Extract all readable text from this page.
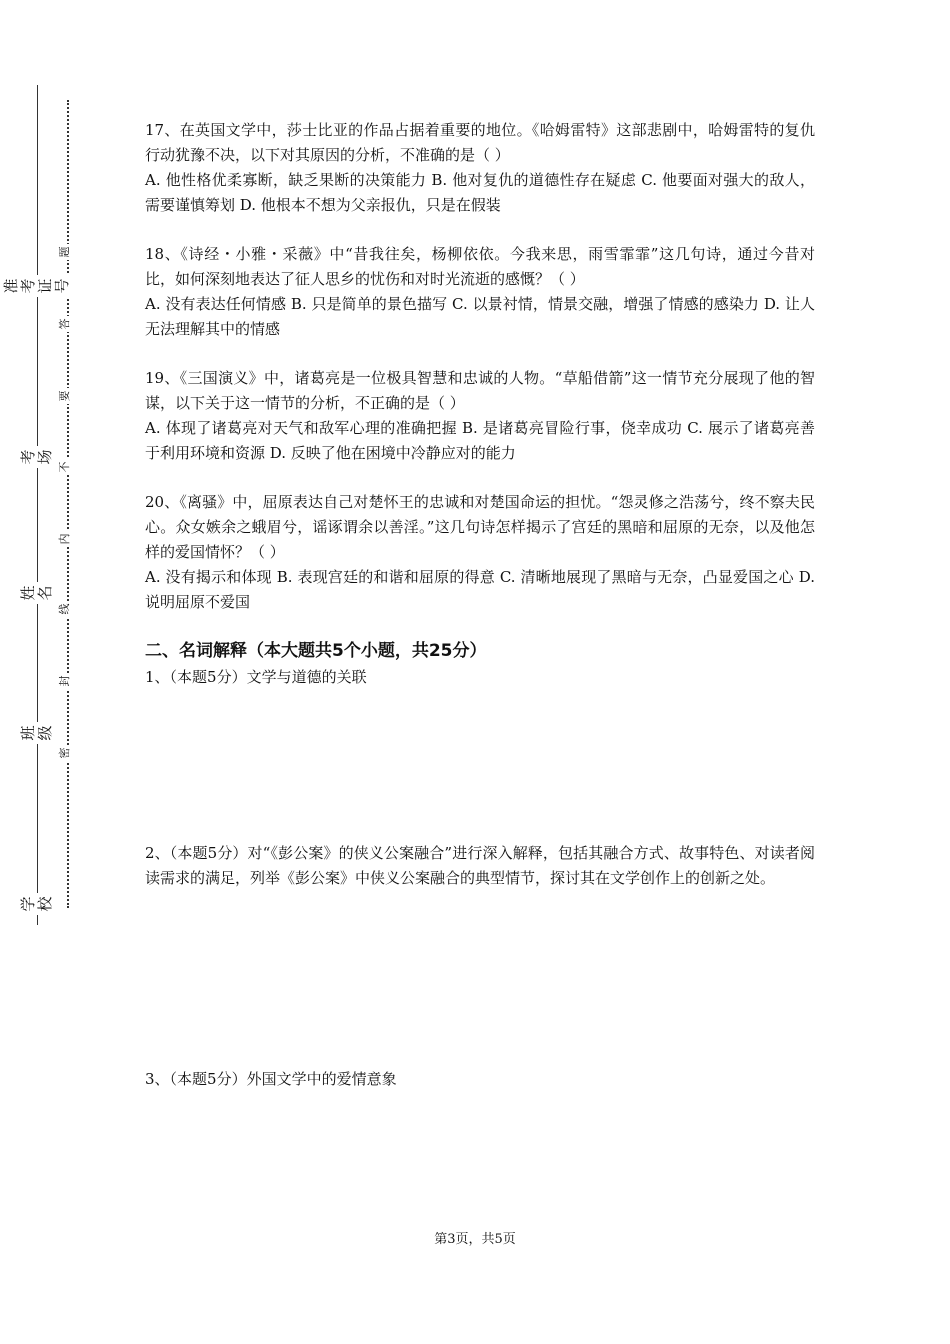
准考证号
考场
姓名
班级
学校
题
答
要
不
内
线
封
密

17、在英国文学中，莎士比亚的作品占据着重要的地位。《哈姆雷特》这部悲剧中，哈姆雷特的复仇行动犹豫不决，以下对其原因的分析，不准确的是（ ）

A. 他性格优柔寡断，缺乏果断的决策能力 B. 他对复仇的道德性存在疑虑 C. 他要面对强大的敌人，需要谨慎筹划 D. 他根本不想为父亲报仇，只是在假装

18、《诗经・小雅・采薇》中“昔我往矣，杨柳依依。今我来思，雨雪霏霏”这几句诗，通过今昔对比，如何深刻地表达了征人思乡的忧伤和对时光流逝的感慨？（ ）

A. 没有表达任何情感 B. 只是简单的景色描写 C. 以景衬情，情景交融，增强了情感的感染力 D. 让人无法理解其中的情感

19、《三国演义》中，诸葛亮是一位极具智慧和忠诚的人物。“草船借箭”这一情节充分展现了他的智谋，以下关于这一情节的分析，不正确的是（ ）

A. 体现了诸葛亮对天气和敌军心理的准确把握 B. 是诸葛亮冒险行事，侥幸成功 C. 展示了诸葛亮善于利用环境和资源 D. 反映了他在困境中冷静应对的能力

20、《离骚》中，屈原表达自己对楚怀王的忠诚和对楚国命运的担忧。“怨灵修之浩荡兮，终不察夫民心。众女嫉余之蛾眉兮，谣诼谓余以善淫。”这几句诗怎样揭示了宫廷的黑暗和屈原的无奈，以及他怎样的爱国情怀？（ ）

A. 没有揭示和体现 B. 表现宫廷的和谐和屈原的得意 C. 清晰地展现了黑暗与无奈，凸显爱国之心 D. 说明屈原不爱国

二、名词解释（本大题共5个小题，共25分）

1、（本题5分）文学与道德的关联

2、（本题5分）对“《彭公案》的侠义公案融合”进行深入解释，包括其融合方式、故事特色、对读者阅读需求的满足，列举《彭公案》中侠义公案融合的典型情节，探讨其在文学创作上的创新之处。

3、（本题5分）外国文学中的爱情意象

第3页，共5页
